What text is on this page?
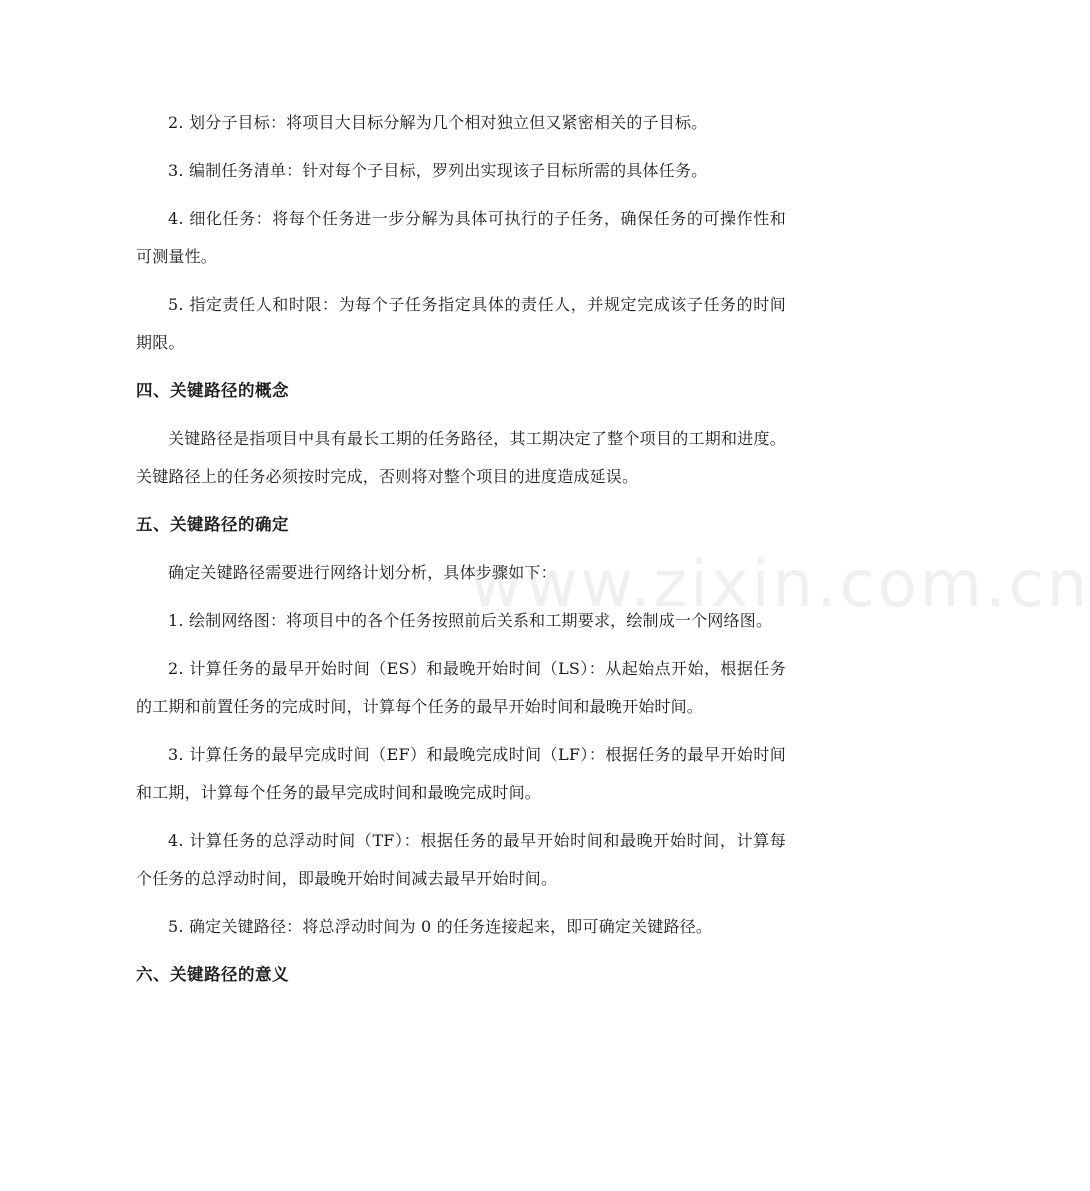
2. 划分子目标：将项目大目标分解为几个相对独立但又紧密相关的子目标。

3. 编制任务清单：针对每个子目标，罗列出实现该子目标所需的具体任务。

4. 细化任务：将每个任务进一步分解为具体可执行的子任务，确保任务的可操作性和可测量性。

5. 指定责任人和时限：为每个子任务指定具体的责任人，并规定完成该子任务的时间期限。

四、关键路径的概念

关键路径是指项目中具有最长工期的任务路径，其工期决定了整个项目的工期和进度。关键路径上的任务必须按时完成，否则将对整个项目的进度造成延误。

五、关键路径的确定

确定关键路径需要进行网络计划分析，具体步骤如下：

1. 绘制网络图：将项目中的各个任务按照前后关系和工期要求，绘制成一个网络图。

2. 计算任务的最早开始时间（ES）和最晚开始时间（LS）：从起始点开始，根据任务的工期和前置任务的完成时间，计算每个任务的最早开始时间和最晚开始时间。

3. 计算任务的最早完成时间（EF）和最晚完成时间（LF）：根据任务的最早开始时间和工期，计算每个任务的最早完成时间和最晚完成时间。

4. 计算任务的总浮动时间（TF）：根据任务的最早开始时间和最晚开始时间，计算每个任务的总浮动时间，即最晚开始时间减去最早开始时间。

5. 确定关键路径：将总浮动时间为 0 的任务连接起来，即可确定关键路径。

六、关键路径的意义
www.zixin.com.cn
